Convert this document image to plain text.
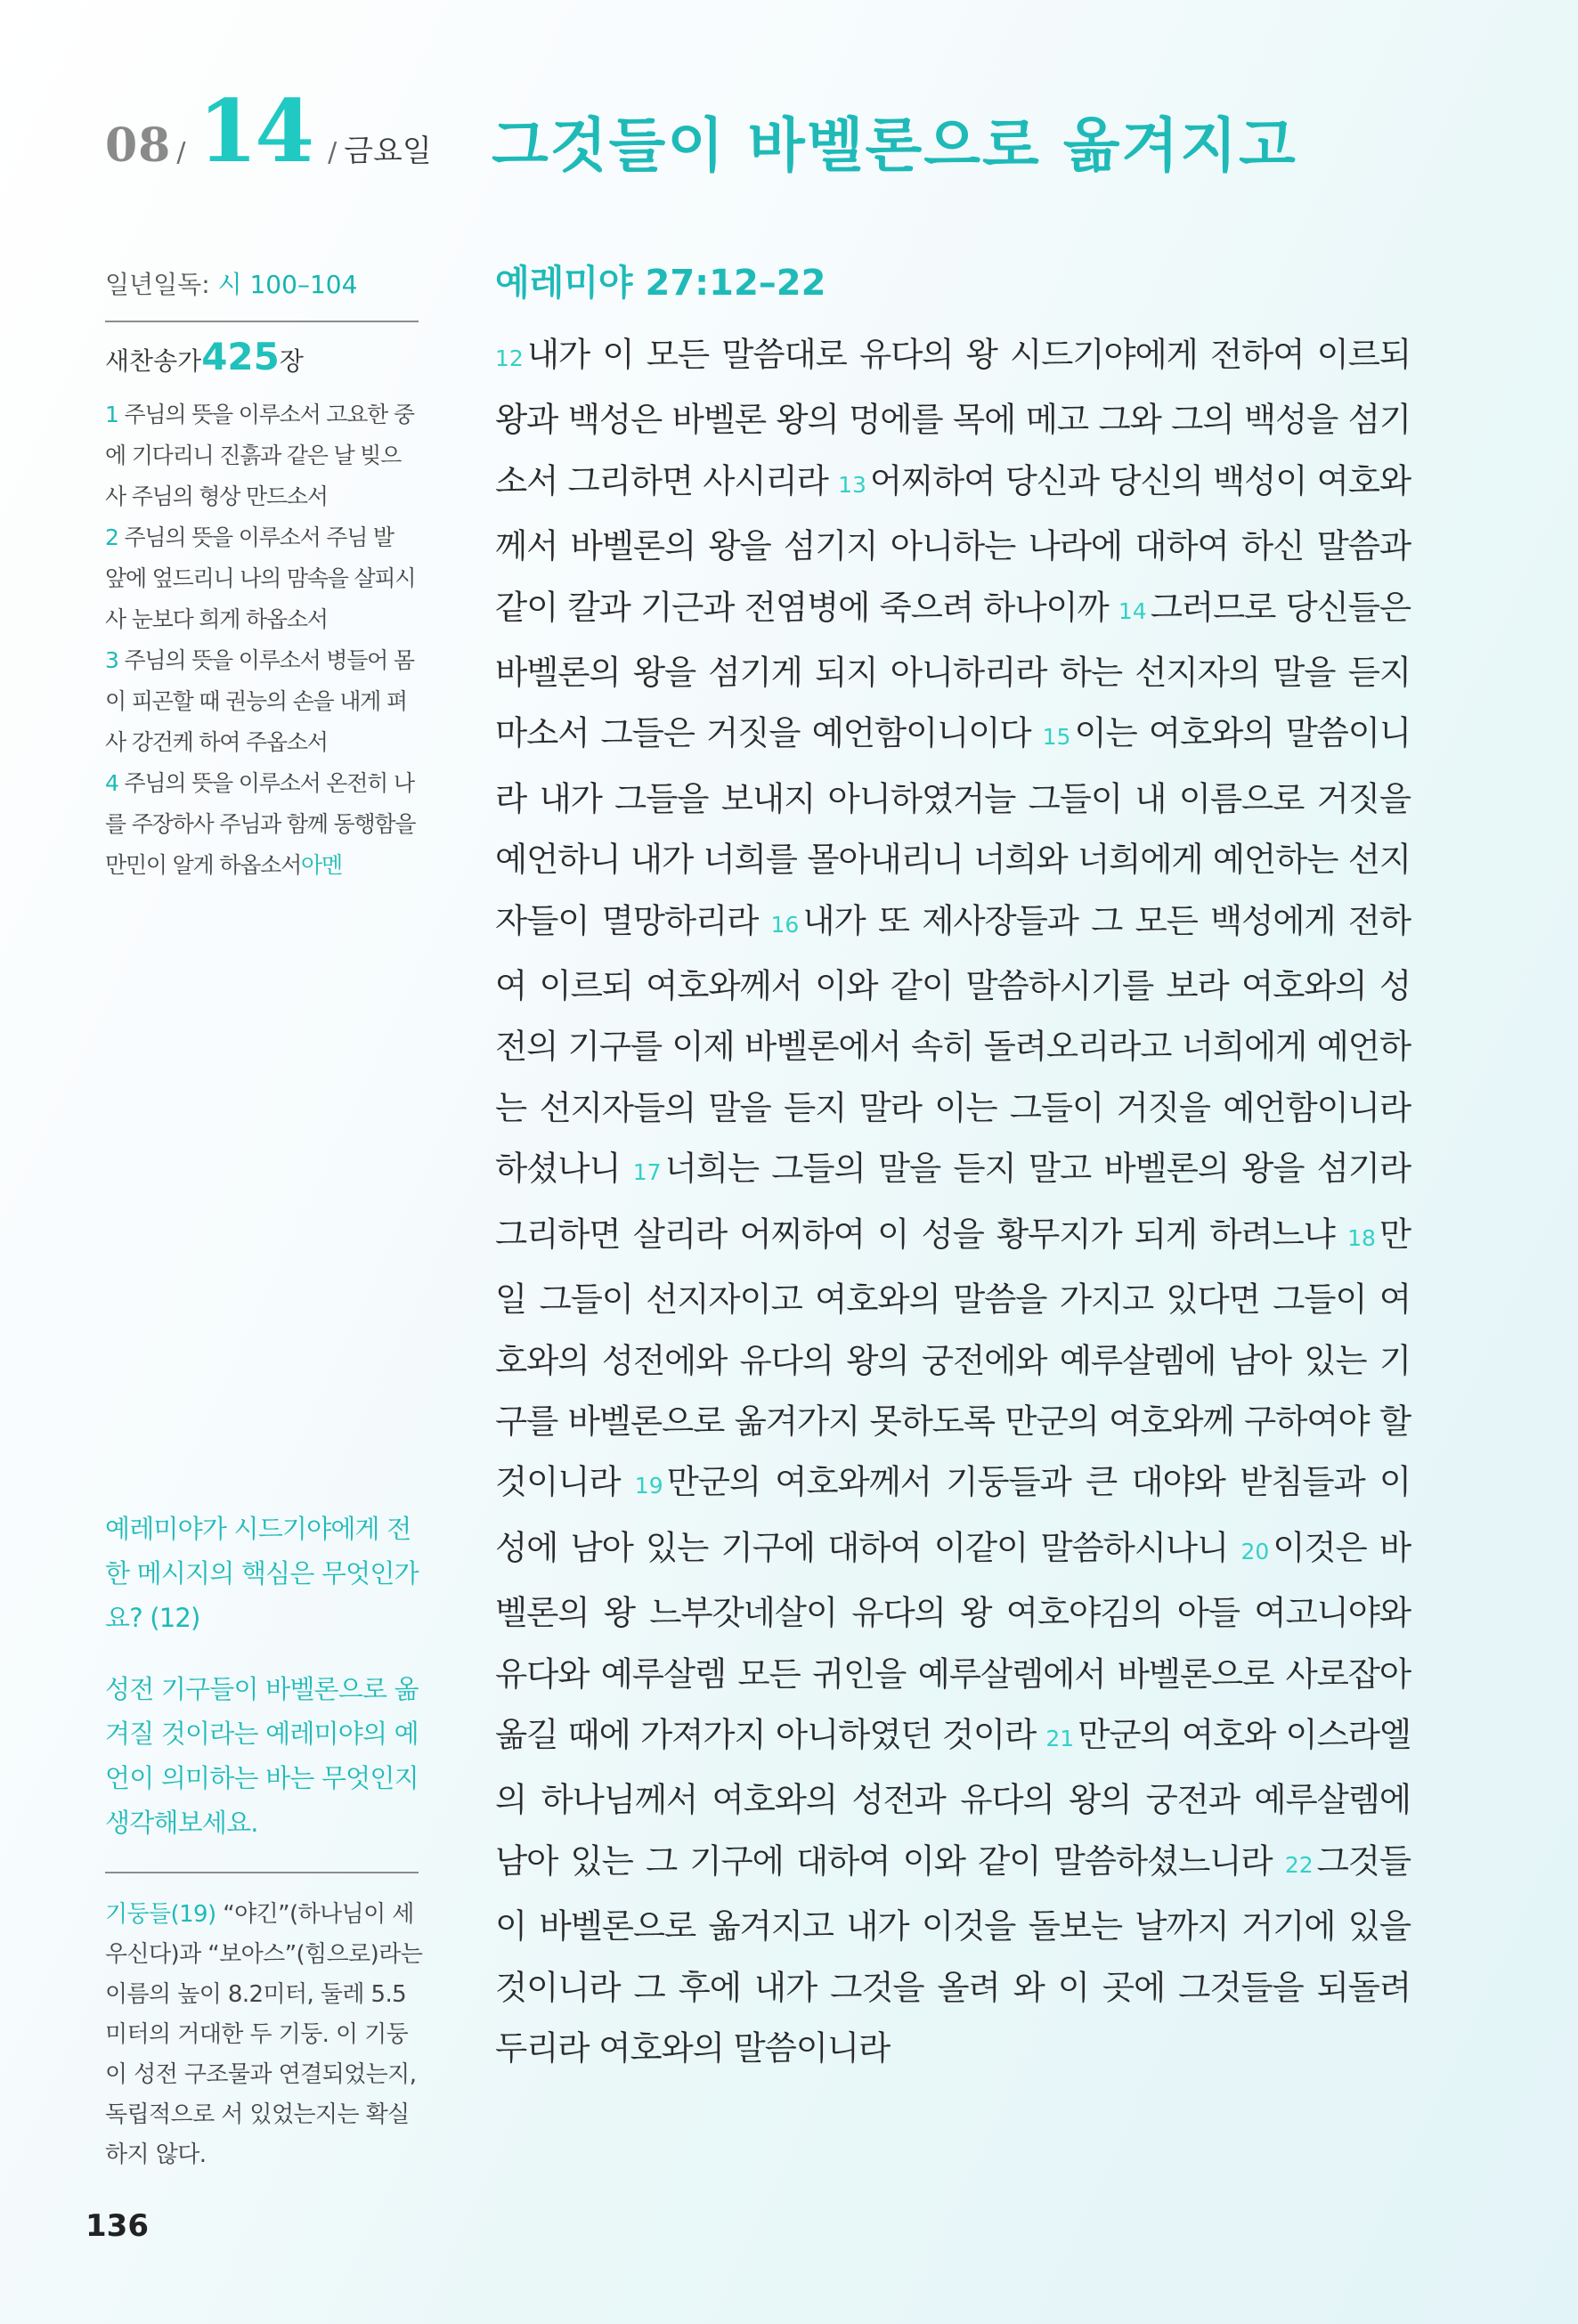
08 / 14 / 금요일 그것들이 바벨론으로 옮겨지고
일년일독: 시 100–104
새찬송가425장
1 주님의 뜻을 이루소서 고요한 중에 기다리니 진흙과 같은 날 빚으사 주님의 형상 만드소서
2 주님의 뜻을 이루소서 주님 발 앞에 엎드리니 나의 맘속을 살피시사 눈보다 희게 하옵소서
3 주님의 뜻을 이루소서 병들어 몸이 피곤할 때 권능의 손을 내게 펴사 강건케 하여 주옵소서
4 주님의 뜻을 이루소서 온전히 나를 주장하사 주님과 함께 동행함을 만민이 알게 하옵소서아멘
예레미야가 시드기야에게 전한 메시지의 핵심은 무엇인가요? (12)
성전 기구들이 바벨론으로 옮겨질 것이라는 예레미야의 예언이 의미하는 바는 무엇인지 생각해보세요.
기둥들(19) “야긴”(하나님이 세우신다)과 “보아스”(힘으로)라는 이름의 높이 8.2미터, 둘레 5.5미터의 거대한 두 기둥. 이 기둥이 성전 구조물과 연결되었는지, 독립적으로 서 있었는지는 확실하지 않다.
136
예레미야 27:12–22
12 내가 이 모든 말씀대로 유다의 왕 시드기야에게 전하여 이르되 왕과 백성은 바벨론 왕의 멍에를 목에 메고 그와 그의 백성을 섬기소서 그리하면 사시리라 13 어찌하여 당신과 당신의 백성이 여호와께서 바벨론의 왕을 섬기지 아니하는 나라에 대하여 하신 말씀과 같이 칼과 기근과 전염병에 죽으려 하나이까 14 그러므로 당신들은 바벨론의 왕을 섬기게 되지 아니하리라 하는 선지자의 말을 듣지 마소서 그들은 거짓을 예언함이니이다 15 이는 여호와의 말씀이니라 내가 그들을 보내지 아니하였거늘 그들이 내 이름으로 거짓을 예언하니 내가 너희를 몰아내리니 너희와 너희에게 예언하는 선지자들이 멸망하리라 16 내가 또 제사장들과 그 모든 백성에게 전하여 이르되 여호와께서 이와 같이 말씀하시기를 보라 여호와의 성전의 기구를 이제 바벨론에서 속히 돌려오리라고 너희에게 예언하는 선지자들의 말을 듣지 말라 이는 그들이 거짓을 예언함이니라 하셨나니 17 너희는 그들의 말을 듣지 말고 바벨론의 왕을 섬기라 그리하면 살리라 어찌하여 이 성을 황무지가 되게 하려느냐 18 만일 그들이 선지자이고 여호와의 말씀을 가지고 있다면 그들이 여호와의 성전에와 유다의 왕의 궁전에와 예루살렘에 남아 있는 기구를 바벨론으로 옮겨가지 못하도록 만군의 여호와께 구하여야 할 것이니라 19 만군의 여호와께서 기둥들과 큰 대야와 받침들과 이 성에 남아 있는 기구에 대하여 이같이 말씀하시나니 20 이것은 바벨론의 왕 느부갓네살이 유다의 왕 여호야김의 아들 여고니야와 유다와 예루살렘 모든 귀인을 예루살렘에서 바벨론으로 사로잡아 옮길 때에 가져가지 아니하였던 것이라 21 만군의 여호와 이스라엘의 하나님께서 여호와의 성전과 유다의 왕의 궁전과 예루살렘에 남아 있는 그 기구에 대하여 이와 같이 말씀하셨느니라 22 그것들이 바벨론으로 옮겨지고 내가 이것을 돌보는 날까지 거기에 있을 것이니라 그 후에 내가 그것을 올려 와 이 곳에 그것들을 되돌려 두리라 여호와의 말씀이니라
